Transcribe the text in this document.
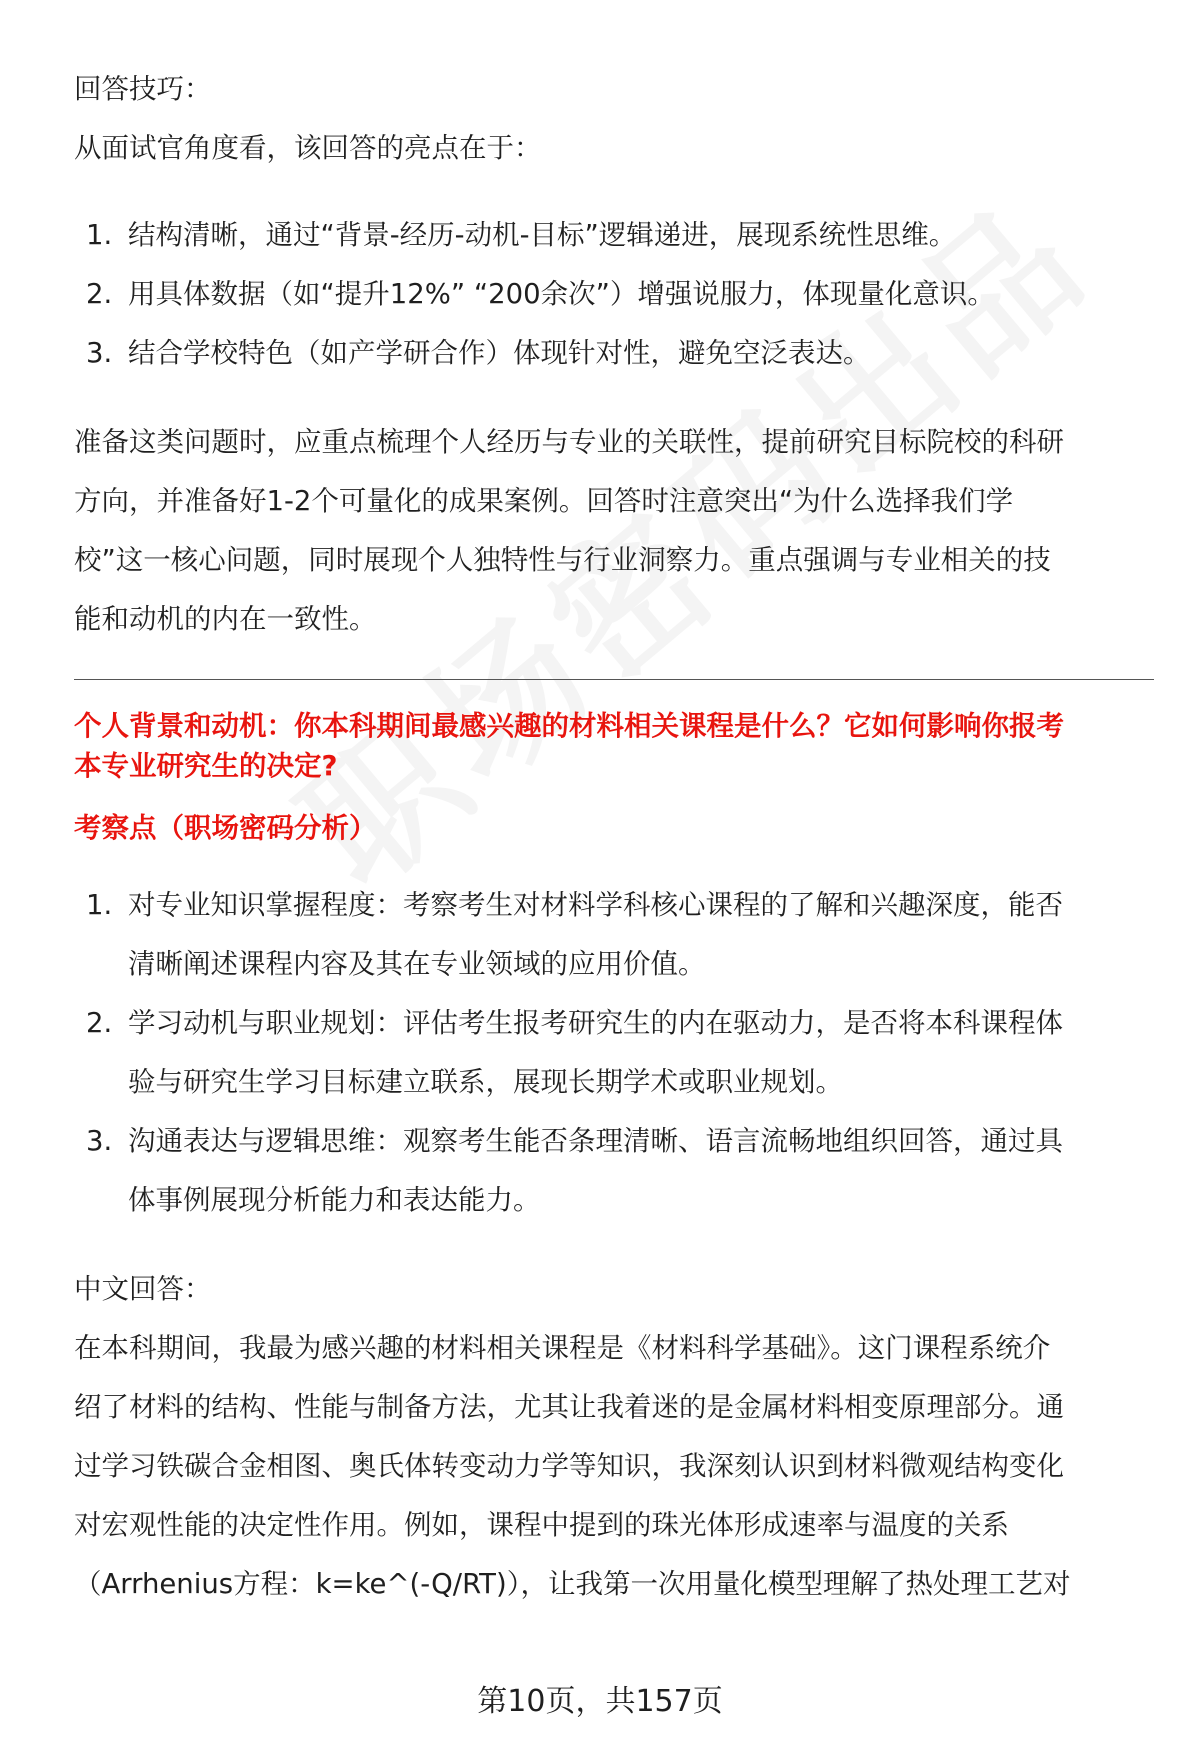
回答技巧：

从面试官角度看，该回答的亮点在于：

1. 结构清晰，通过“背景-经历-动机-目标”逻辑递进，展现系统性思维。
2. 用具体数据（如“提升12%” “200余次”）增强说服力，体现量化意识。
3. 结合学校特色（如产学研合作）体现针对性，避免空泛表达。

准备这类问题时，应重点梳理个人经历与专业的关联性，提前研究目标院校的科研

方向，并准备好1-2个可量化的成果案例。回答时注意突出“为什么选择我们学

校”这一核心问题，同时展现个人独特性与行业洞察力。重点强调与专业相关的技

能和动机的内在一致性。

个人背景和动机：你本科期间最感兴趣的材料相关课程是什么？它如何影响你报考

本专业研究生的决定?

考察点（职场密码分析）

1. 对专业知识掌握程度：考察考生对材料学科核心课程的了解和兴趣深度，能否
清晰阐述课程内容及其在专业领域的应用价值。
2. 学习动机与职业规划：评估考生报考研究生的内在驱动力，是否将本科课程体
验与研究生学习目标建立联系，展现长期学术或职业规划。
3. 沟通表达与逻辑思维：观察考生能否条理清晰、语言流畅地组织回答，通过具
体事例展现分析能力和表达能力。

中文回答：

在本科期间，我最为感兴趣的材料相关课程是《材料科学基础》。这门课程系统介

绍了材料的结构、性能与制备方法，尤其让我着迷的是金属材料相变原理部分。通

过学习铁碳合金相图、奥氏体转变动力学等知识，我深刻认识到材料微观结构变化

对宏观性能的决定性作用。例如，课程中提到的珠光体形成速率与温度的关系

（Arrhenius方程：k=ke^(-Q/RT)），让我第一次用量化模型理解了热处理工艺对

第10页，共157页
